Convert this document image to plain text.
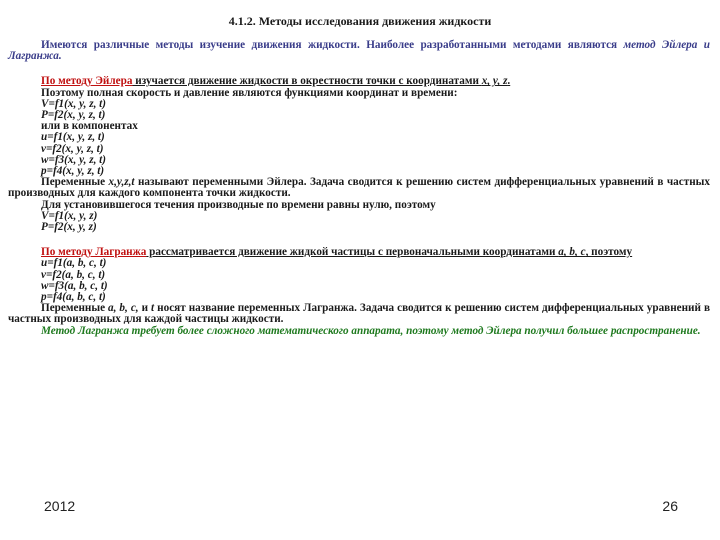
4.1.2. Методы исследования движения жидкости

Имеются различные методы изучение движения жидкости. Наиболее разработанными методами являются метод Эйлера и Лагранжа.

По методу Эйлера изучается движение жидкости в окрестности точки с координатами x, y, z.

Поэтому полная скорость и давление являются функциями координат и времени:

V=f1(x, y, z, t)

P=f2(x, y, z, t)

или в компонентах

u=f1(x, y, z, t)

v=f2(x, y, z, t)

w=f3(x, y, z, t)

p=f4(x, y, z, t)

Переменные x,y,z,t называют переменными Эйлера. Задача сводится к решению систем дифференциальных уравнений в частных производных для каждого компонента точки жидкости.

Для установившегося течения производные по времени равны нулю, поэтому

V=f1(x, y, z)

P=f2(x, y, z)

По методу Лагранжа рассматривается движение жидкой частицы с первоначальными координатами a, b, c, поэтому

u=f1(a, b, c, t)

v=f2(a, b, c, t)

w=f3(a, b, c, t)

p=f4(a, b, c, t)

Переменные a, b, c, и t носят название переменных Лагранжа. Задача сводится к решению систем дифференциальных уравнений в частных производных для каждой частицы жидкости.

Метод Лагранжа требует более сложного математического аппарата, поэтому метод Эйлера получил большее распространение.

2012	26
